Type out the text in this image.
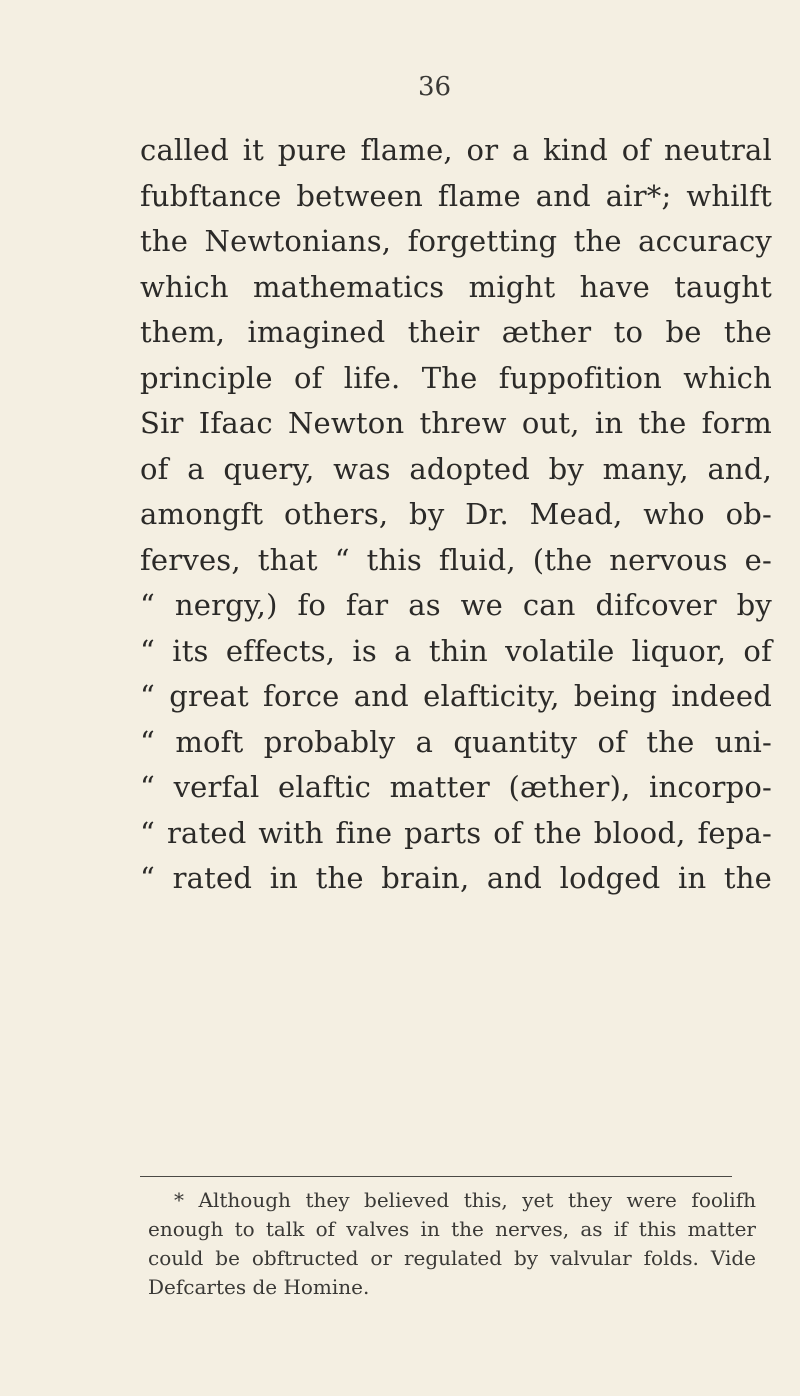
36
called it pure flame, or a kind of neutral
fubftance between flame and air*; whilft
the Newtonians, forgetting the accuracy
which mathematics might have taught
them, imagined their æther to be the
principle of life. The fuppofition which
Sir Ifaac Newton threw out, in the form
of a query, was adopted by many, and,
amongft others, by Dr. Mead, who ob-
ferves, that “ this fluid, (the nervous e-
“ nergy,) fo far as we can difcover by
“ its effects, is a thin volatile liquor, of
“ great force and elafticity, being indeed
“ moft probably a quantity of the uni-
“ verfal elaftic matter (æther), incorpo-
“ rated with fine parts of the blood, fepa-
“ rated in the brain, and lodged in the
* Although they believed this, yet they were foolifh
enough to talk of valves in the nerves, as if this matter
could be obftructed or regulated by valvular folds. Vide
Defcartes de Homine.
